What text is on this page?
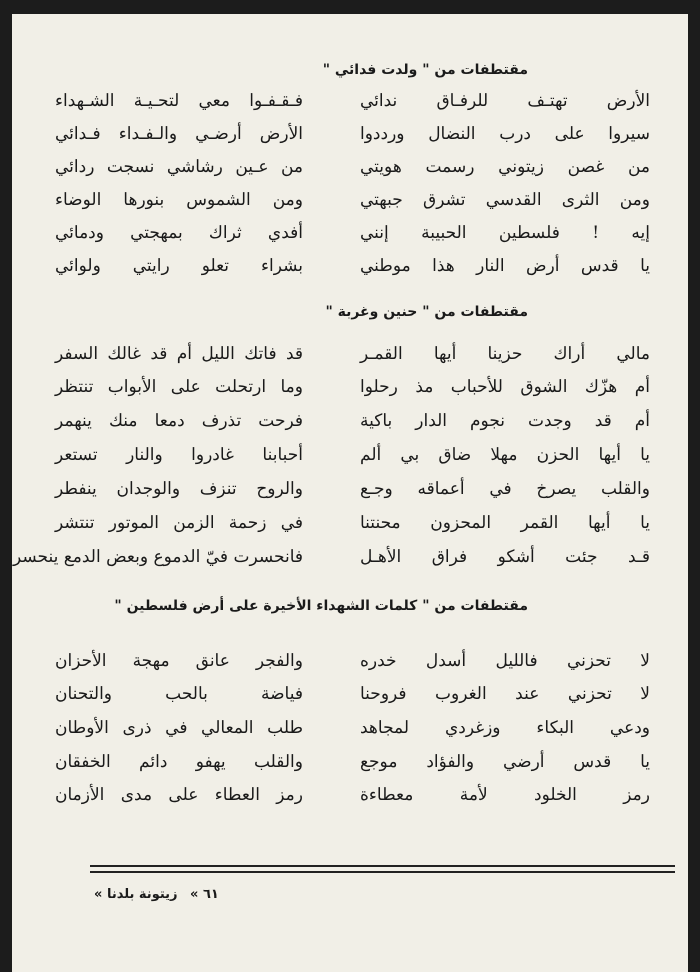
مقتطفات من " ولدت فدائي "
الأرض تهتـف للرفـاق ندائي
فـقـفـوا معي لتحـيـة الشـهداء
سيروا على درب النضال ورددوا
الأرض أرضـي والـفـداء فـدائي
من غصن زيتوني رسمت هويتي
من عـين رشاشي نسجت ردائي
ومن الثرى القدسي تشرق جبهتي
ومن الشموس بنورها الوضاء
إيه ! فلسطين الحبيبة إنني
أفدي ثراك بمهجتي ودمائي
يا قدس أرض النار هذا موطني
بشراء تعلو رايتي ولوائي
مقتطفات من " حنين وغربة "
مالي أراك حزينا أيها القمـر
قد فاتك الليل أم قد غالك السفر
أم هزّك الشوق للأحباب مذ رحلوا
وما ارتحلت على الأبواب تنتظر
أم قد وجدت نجوم الدار باكية
فرحت تذرف دمعا منك ينهمر
يا أيها الحزن مهلا ضاق بي ألم
أحبابنا غادروا والنار تستعر
والقلب يصرخ في أعماقه وجـع
والروح تنزف والوجدان ينفطر
يا أيها القمر المحزون محنتنا
في زحمة الزمن الموتور تنتشر
قـد جئت أشكو فراق الأهـل
فانحسرت فيّ الدموع وبعض الدمع ينحسر
مقتطفات من " كلمات الشهداء الأخيرة على أرض فلسطين "
لا تحزني فالليل أسدل خدره
والفجر عانق مهجة الأحزان
لا تحزني عند الغروب فروحنا
فياضة بالحب والتحنان
ودعي البكاء وزغردي لمجاهد
طلب المعالي في ذرى الأوطان
يا قدس أرضي والفؤاد موجع
والقلب يهفو دائم الخفقان
رمز الخلود لأمة معطاءة
رمز العطاء على مدى الأزمان
« ٦١ » زيتونة بلدنا
